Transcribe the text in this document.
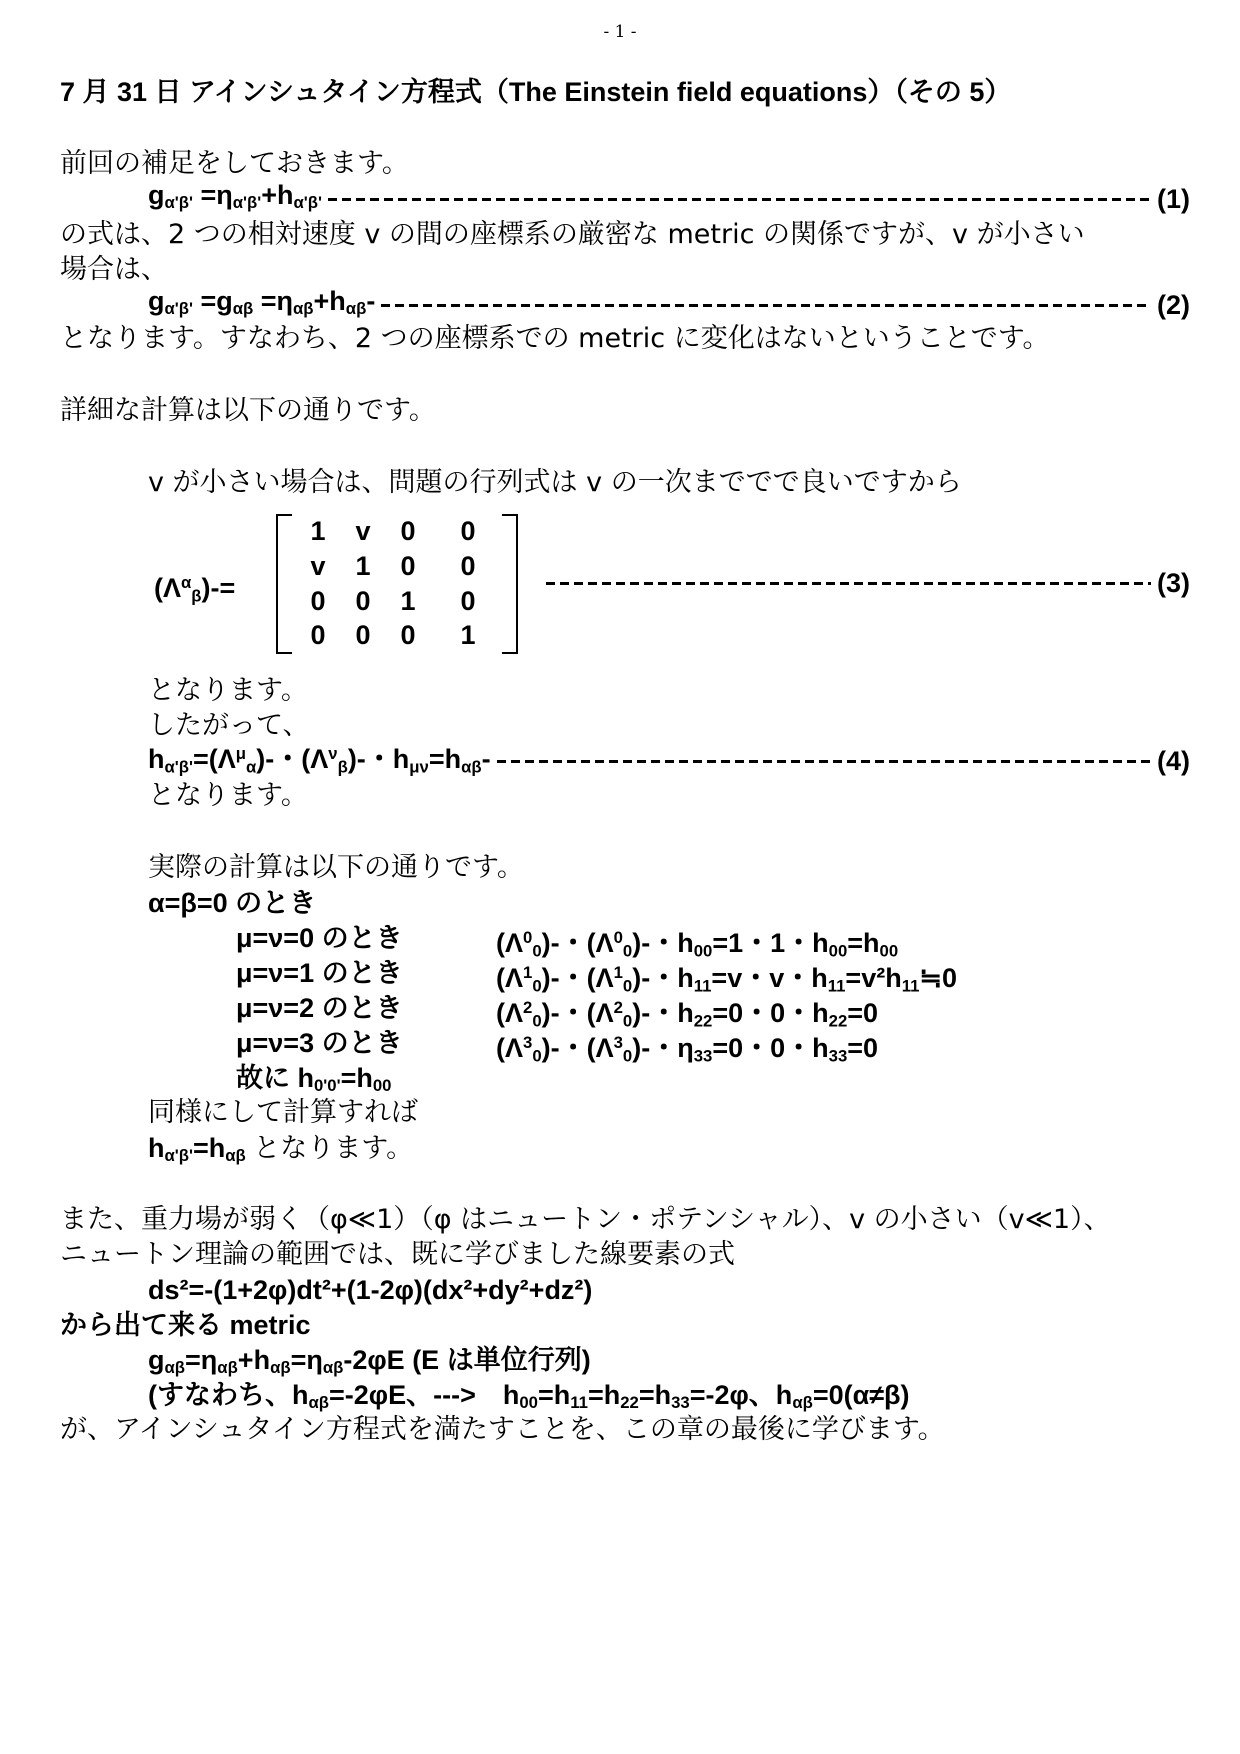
- 1 -
7 月 31 日 アインシュタイン方程式（The Einstein field equations）（その 5）
前回の補足をしておきます。
$g_{\alpha'\beta'} =\eta_{\alpha'\beta'}+h_{\alpha'\beta'}$	(1)
の式は、2 つの相対速度 v の間の座標系の厳密な metric の関係ですが、v が小さい
場合は、
$g_{\alpha'\beta'} =g_{\alpha\beta} =\eta_{\alpha\beta}+h_{\alpha\beta}-$	(2)
となります。すなわち、2 つの座標系での metric に変化はないということです。
詳細な計算は以下の通りです。
v が小さい場合は、問題の行列式は v の一次まででで良いですから
$(\Lambda^\alpha_\beta)-=$
1	v	0	0
v	1	0	0
0	0	1	0
0	0	0	1
(3)
となります。
したがって、
$h_{\alpha'\beta'}=(\Lambda^\mu_\alpha)-$・$(\Lambda^\nu_\beta)-$・$h_{\mu\nu}=h_{\alpha\beta}-$	(4)
となります。
実際の計算は以下の通りです。
α=β=0 のとき
μ=ν=0 のとき	$(\Lambda^0_0)-$・$(\Lambda^0_0)-$・$h_{00}=1$・1・$h_{00}=h_{00}$
μ=ν=1 のとき	$(\Lambda^1_0)-$・$(\Lambda^1_0)-$・$h_{11}=v$・v・$h_{11}=v^2h_{11}≒0$
μ=ν=2 のとき	$(\Lambda^2_0)-$・$(\Lambda^2_0)-$・$h_{22}=0$・0・$h_{22}=0$
μ=ν=3 のとき	$(\Lambda^3_0)-$・$(\Lambda^3_0)-$・$\eta_{33}=0$・0・$h_{33}=0$
故に $h_{0'0'}=h_{00}$
同様にして計算すれば
$h_{\alpha'\beta'}=h_{\alpha\beta}$ となります。
また、重力場が弱く（φ≪1）（φ はニュートン・ポテンシャル）、v の小さい（v≪1）、
ニュートン理論の範囲では、既に学びました線要素の式
ds²=-(1+2φ)dt²+(1-2φ)(dx²+dy²+dz²)
から出て来る metric
$g_{\alpha\beta}=\eta_{\alpha\beta}+h_{\alpha\beta}=\eta_{\alpha\beta}-2\varphi E$ (E は単位行列)
(すなわち、$h_{\alpha\beta}=-2\varphi E$、--->　$h_{00}=h_{11}=h_{22}=h_{33}=-2\varphi$、$h_{\alpha\beta}=0(\alpha\ne\beta)$
が、アインシュタイン方程式を満たすことを、この章の最後に学びます。
